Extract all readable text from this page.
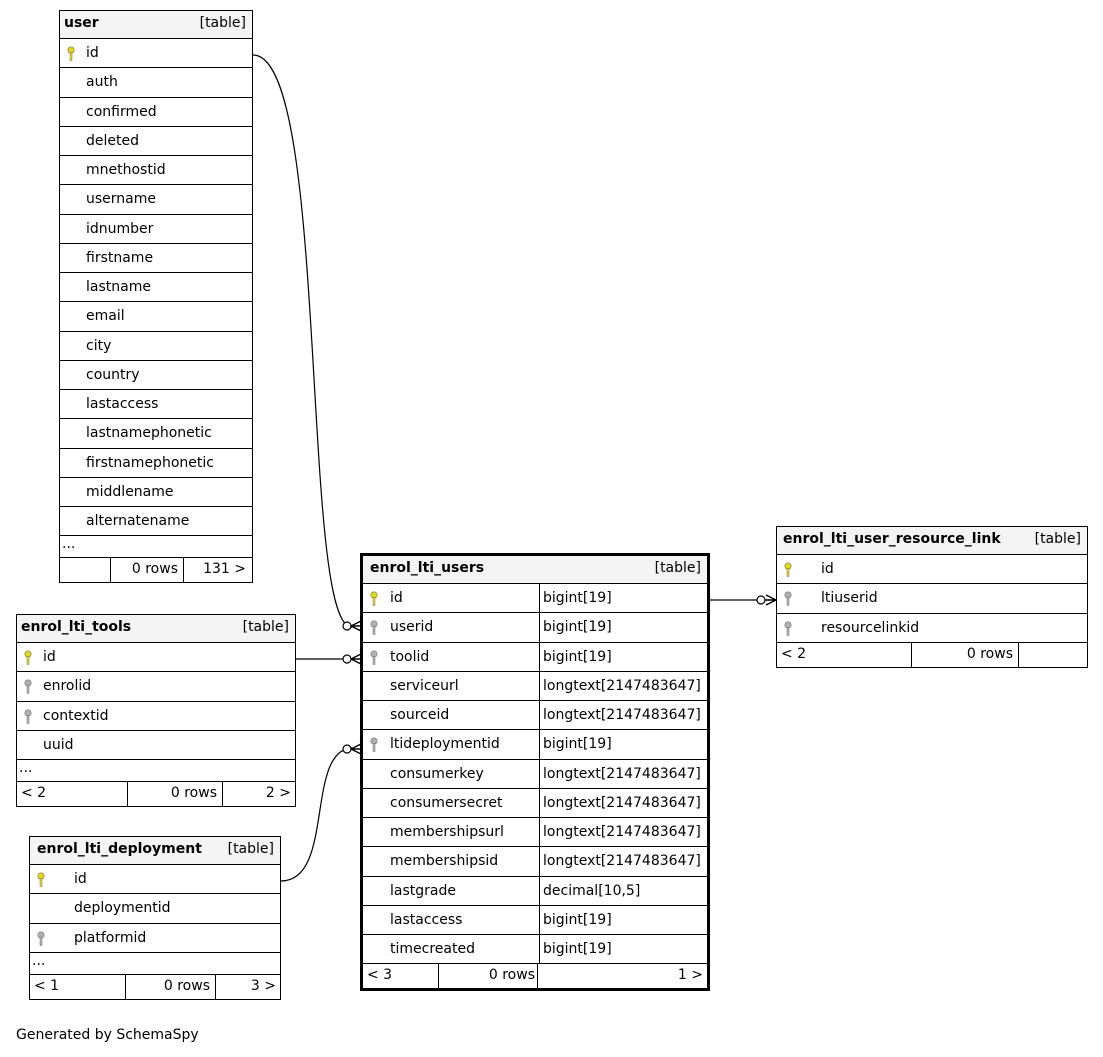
user	[table]
id
auth
confirmed
deleted
mnethostid
username
idnumber
firstname
lastname
email
city
country
lastaccess
lastnamephonetic
firstnamephonetic
middlename
alternatename
...
0 rows 131 >
enrol_lti_tools	[table]
id
enrolid
contextid
uuid
...
< 2	0 rows	2 >
enrol_lti_deployment [table]
id
deploymentid
platformid
...
< 1	0 rows	3 >
enrol_lti_users	[table]
id	bigint[19]
userid	bigint[19]
toolid	bigint[19]
serviceurl	longtext[2147483647]
sourceid	longtext[2147483647]
ltideploymentid	bigint[19]
consumerkey	longtext[2147483647]
consumersecret	longtext[2147483647]
membershipsurl	longtext[2147483647]
membershipsid	longtext[2147483647]
lastgrade	decimal[10,5]
lastaccess	bigint[19]
timecreated	bigint[19]
< 3	0 rows	1 >
enrol_lti_user_resource_link [table]
id
ltiuserid
resourcelinkid
< 2	0 rows
Generated by SchemaSpy
